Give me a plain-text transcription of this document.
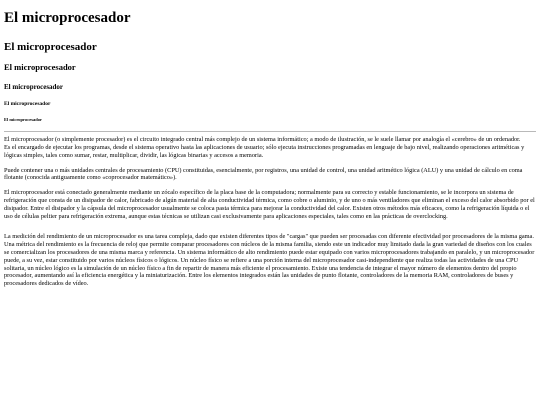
El microprocesador
El microprocesador
El microprocesador
El microprocesador
El microprocesador
El microprocesador

El microprocesador (o simplemente procesador) es el circuito integrado central más complejo de un sistema informático; a modo de ilustración, se le suele llamar por analogía el «cerebro» de un ordenador.

Es el encargado de ejecutar los programas, desde el sistema operativo hasta las aplicaciones de usuario; sólo ejecuta instrucciones programadas en lenguaje de bajo nivel, realizando operaciones aritméticas y lógicas simples, tales como sumar, restar, multiplicar, dividir, las lógicas binarias y accesos a memoria.

Puede contener una o más unidades centrales de procesamiento (CPU) constituidas, esencialmente, por registros, una unidad de control, una unidad aritmético lógica (ALU) y una unidad de cálculo en coma flotante (conocida antiguamente como «coprocesador matemático»).

El microprocesador está conectado generalmente mediante un zócalo específico de la placa base de la computadora; normalmente para su correcto y estable funcionamiento, se le incorpora un sistema de refrigeración que consta de un disipador de calor, fabricado de algún material de alta conductividad térmica, como cobre o aluminio, y de uno o más ventiladores que eliminan el exceso del calor absorbido por el disipador. Entre el disipador y la cápsula del microprocesador usualmente se coloca pasta térmica para mejorar la conductividad del calor. Existen otros métodos más eficaces, como la refrigeración líquida o el uso de células peltier para refrigeración extrema, aunque estas técnicas se utilizan casi exclusivamente para aplicaciones especiales, tales como en las prácticas de overclocking.

La medición del rendimiento de un microprocesador es una tarea compleja, dado que existen diferentes tipos de "cargas" que pueden ser procesadas con diferente efectividad por procesadores de la misma gama. Una métrica del rendimiento es la frecuencia de reloj que permite comparar procesadores con núcleos de la misma familia, siendo este un indicador muy limitado dada la gran variedad de diseños con los cuales se comercializan los procesadores de una misma marca y referencia. Un sistema informático de alto rendimiento puede estar equipado con varios microprocesadores trabajando en paralelo, y un microprocesador puede, a su vez, estar constituido por varios núcleos físicos o lógicos. Un núcleo físico se refiere a una porción interna del microprocesador casi-independiente que realiza todas las actividades de una CPU solitaria, un núcleo lógico es la simulación de un núcleo físico a fin de repartir de manera más eficiente el procesamiento. Existe una tendencia de integrar el mayor número de elementos dentro del propio procesador, aumentando así la eficiencia energética y la miniaturización. Entre los elementos integrados están las unidades de punto flotante, controladores de la memoria RAM, controladores de buses y procesadores dedicados de vídeo.
